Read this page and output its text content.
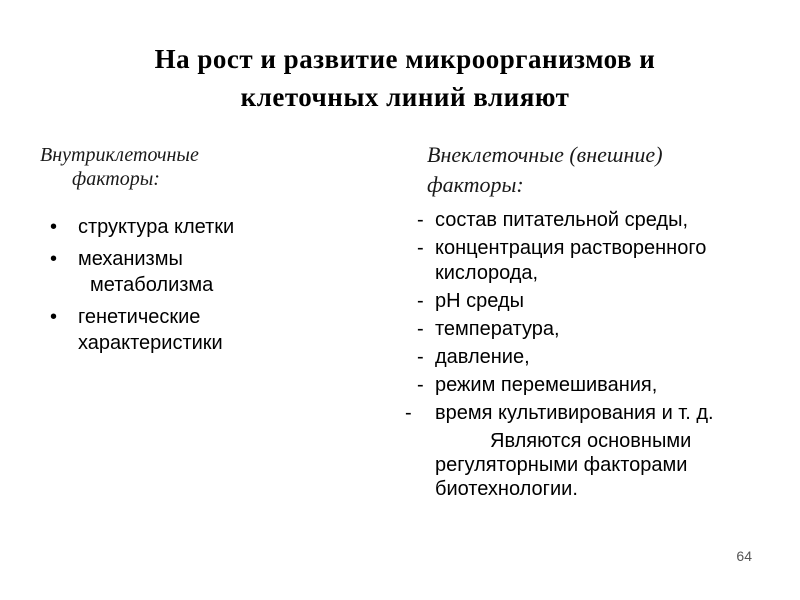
На рост и развитие микроорганизмов и
клеточных линий влияют
Внутриклеточные
факторы:
Внеклеточные (внешние)
факторы:
• структура клетки
• механизмы
метаболизма
• генетические
характеристики
- состав питательной среды,
- концентрация растворенного кислорода,
- рН среды
- температура,
- давление,
- режим перемешивания,
- время культивирования и т. д.
Являются основными
регуляторными факторами биотехнологии.
64
